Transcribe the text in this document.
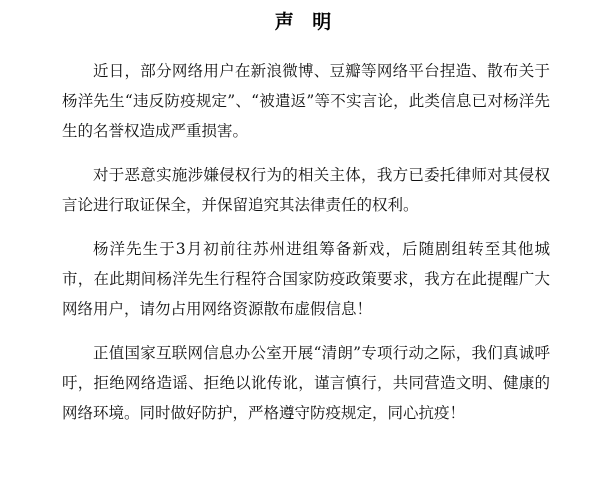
声 明

近日，部分网络用户在新浪微博、豆瓣等网络平台捏造、散布关于杨洋先生“违反防疫规定”、“被遣返”等不实言论，此类信息已对杨洋先生的名誉权造成严重损害。

对于恶意实施涉嫌侵权行为的相关主体，我方已委托律师对其侵权言论进行取证保全，并保留追究其法律责任的权利。

杨洋先生于3月初前往苏州进组筹备新戏，后随剧组转至其他城市，在此期间杨洋先生行程符合国家防疫政策要求，我方在此提醒广大网络用户，请勿占用网络资源散布虚假信息！

正值国家互联网信息办公室开展“清朗”专项行动之际，我们真诚呼吁，拒绝网络造谣、拒绝以讹传讹，谨言慎行，共同营造文明、健康的网络环境。同时做好防护，严格遵守防疫规定，同心抗疫！
